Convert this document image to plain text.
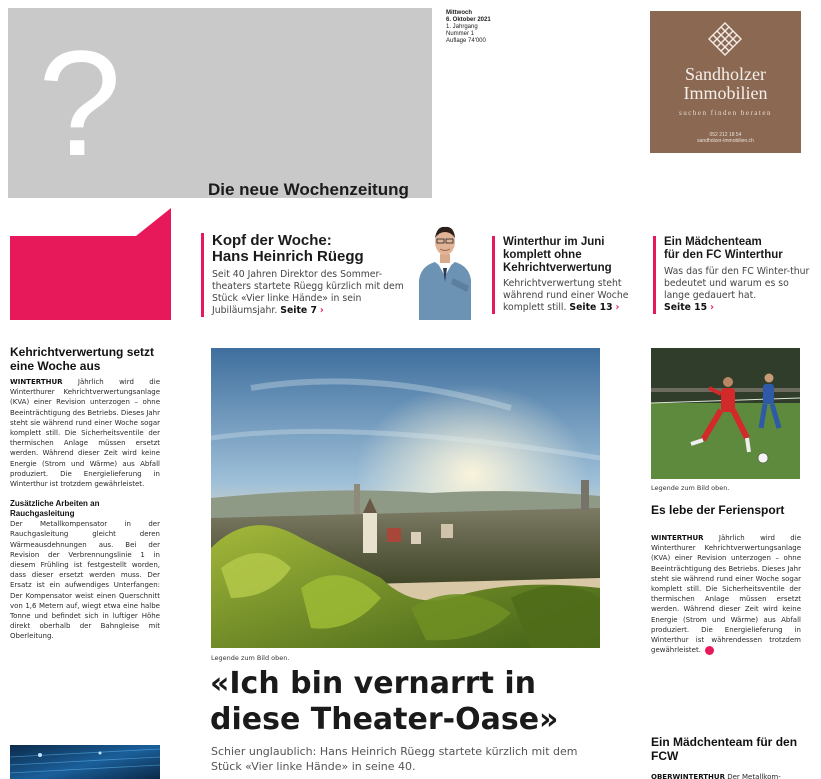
?
Die neue Wochenzeitung
Mittwoch
6. Oktober 2021
1. Jahrgang
Nummer 1
Auflage 74'000
Sandholzer
Immobilien
suchen finden beraten
052 212 18 54
sandholzer-immobilien.ch
Kopf der Woche:
Hans Heinrich Rüegg

Seit 40 Jahren Direktor des Sommer-theaters startete Rüegg kürzlich mit dem Stück «Vier linke Hände» in sein Jubiläumsjahr. Seite 7 ›

Winterthur im Juni komplett ohne Kehrichtverwertung

Kehrichtverwertung steht während rund einer Woche komplett still. Seite 13 ›

Ein Mädchenteam
für den FC Winterthur

Was das für den FC Winter-thur bedeutet und warum es so lange gedauert hat.
Seite 15 ›

Kehrichtverwertung setzt eine Woche aus

WINTERTHUR Jährlich wird die Winterthurer Kehrichtverwertungsanlage (KVA) einer Revision unterzogen – ohne Beeinträchtigung des Betriebs. Dieses Jahr steht sie während rund einer Woche sogar komplett still. Die Sicherheitsventile der thermischen Anlage müssen ersetzt werden. Während dieser Zeit wird keine Energie (Strom und Wärme) aus Abfall produziert. Die Energielieferung in Winterthur ist trotzdem gewährleistet.

Zusätzliche Arbeiten an Rauchgasleitung

Der Metallkompensator in der Rauchgasleitung gleicht deren Wärmeausdehnungen aus. Bei der Revision der Verbrennungslinie 1 in diesem Frühling ist festgestellt worden, dass dieser ersetzt werden muss. Der Ersatz ist ein aufwendiges Unterfangen: Der Kompensator weist einen Querschnitt von 1,6 Metern auf, wiegt etwa eine halbe Tonne und befindet sich in luftiger Höhe direkt oberhalb der Bahngleise mit Oberleitung.

Legende zum Bild oben.
«Ich bin vernarrt in
diese Theater-Oase»
Schier unglaublich: Hans Heinrich Rüegg startete kürzlich mit dem Stück «Vier linke Hände» in seine 40.
Legende zum Bild oben.
Es lebe der Feriensport

WINTERTHUR Jährlich wird die Winterthurer Kehrichtverwertungsanlage (KVA) einer Revision unterzogen – ohne Beeinträchtigung des Betriebs. Dieses Jahr steht sie während rund einer Woche sogar komplett still. Die Sicherheitsventile der thermischen Anlage müssen ersetzt werden. Während dieser Zeit wird keine Energie (Strom und Wärme) aus Abfall produziert. Die Energielieferung in Winterthur ist währendessen trotzdem gewährleistet.

Ein Mädchenteam für den FCW

OBERWINTERTHUR Der Metallkom-
